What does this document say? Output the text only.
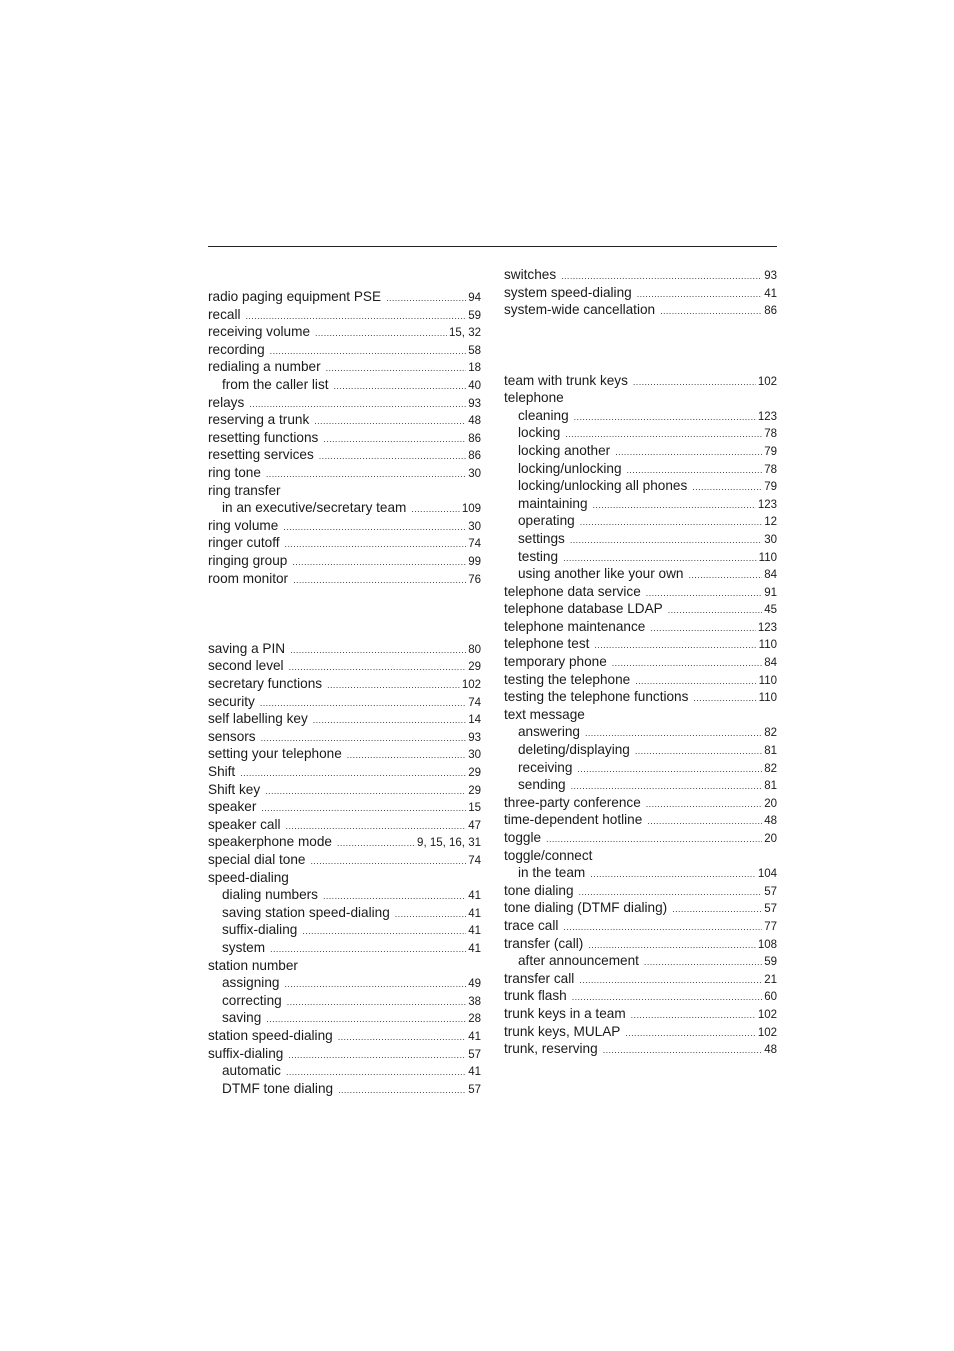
radio paging equipment PSE .....	94
recall .....	59
receiving volume .....	15, 32
recording .....	58
redialing a number .....	18
from the caller list .....	40
relays .....	93
reserving a trunk .....	48
resetting functions .....	86
resetting services .....	86
ring tone .....	30
ring transfer
in an executive/secretary team .....	109
ring volume .....	30
ringer cutoff .....	74
ringing group .....	99
room monitor .....	76
saving a PIN .....	80
second level .....	29
secretary functions .....	102
security .....	74
self labelling key .....	14
sensors .....	93
setting your telephone .....	30
Shift .....	29
Shift key .....	29
speaker .....	15
speaker call .....	47
speakerphone mode .....	9, 15, 16, 31
special dial tone .....	74
speed-dialing
dialing numbers .....	41
saving station speed-dialing .....	41
suffix-dialing .....	41
system .....	41
station number
assigning .....	49
correcting .....	38
saving .....	28
station speed-dialing .....	41
suffix-dialing .....	57
automatic .....	41
DTMF tone dialing .....	57
switches .....	93
system speed-dialing .....	41
system-wide cancellation .....	86
team with trunk keys .....	102
telephone
cleaning .....	123
locking .....	78
locking another .....	79
locking/unlocking .....	78
locking/unlocking all phones .....	79
maintaining .....	123
operating .....	12
settings .....	30
testing .....	110
using another like your own .....	84
telephone data service .....	91
telephone database LDAP .....	45
telephone maintenance .....	123
telephone test .....	110
temporary phone .....	84
testing the telephone .....	110
testing the telephone functions .....	110
text message
answering .....	82
deleting/displaying .....	81
receiving .....	82
sending .....	81
three-party conference .....	20
time-dependent hotline .....	48
toggle .....	20
toggle/connect
in the team .....	104
tone dialing .....	57
tone dialing (DTMF dialing) .....	57
trace call .....	77
transfer (call) .....	108
after announcement .....	59
transfer call .....	21
trunk flash .....	60
trunk keys in a team .....	102
trunk keys, MULAP .....	102
trunk, reserving .....	48
